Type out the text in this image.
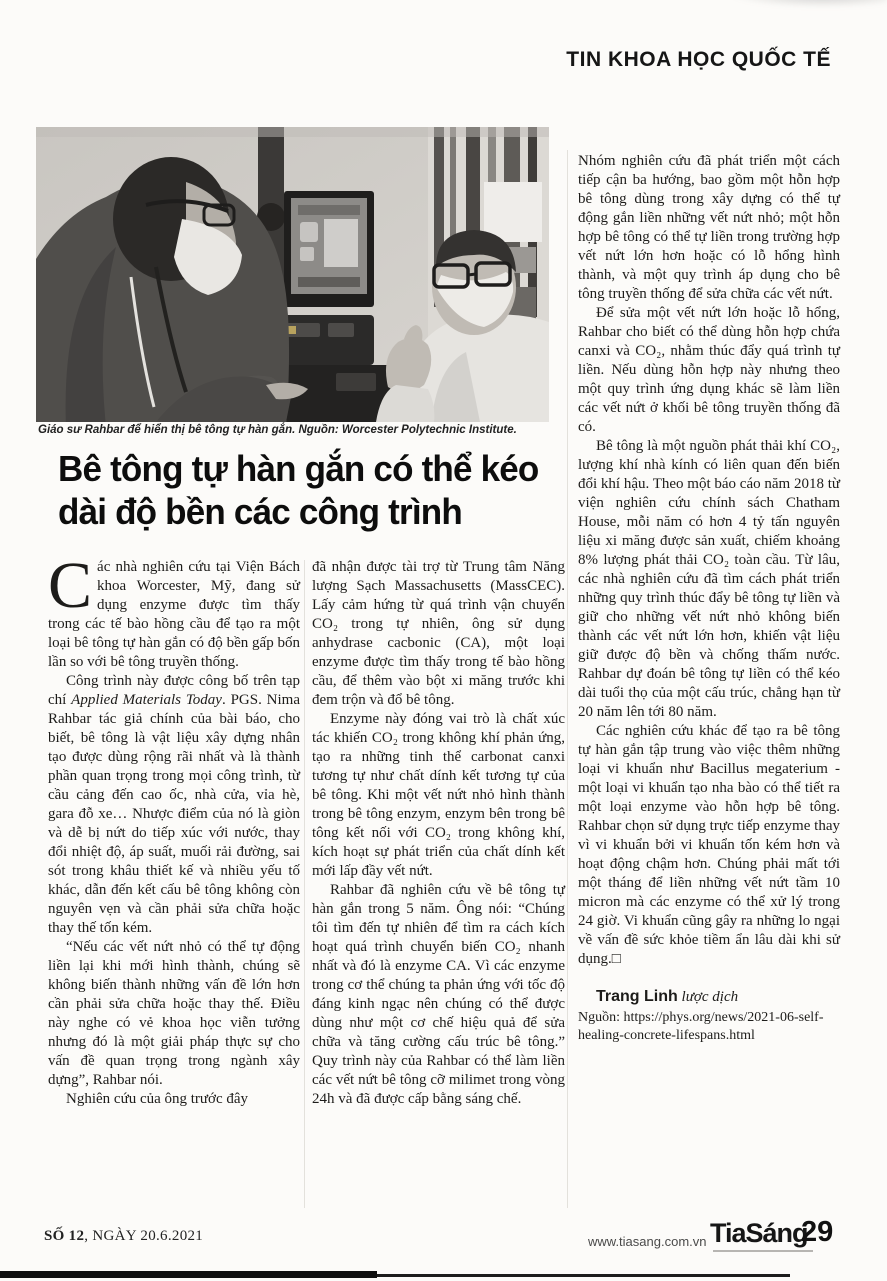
TIN KHOA HỌC QUỐC TẾ
Giáo sư Rahbar để hiển thị bê tông tự hàn gắn. Nguồn: Worcester Polytechnic Institute.
Bê tông tự hàn gắn có thể kéo dài độ bền các công trình

Các nhà nghiên cứu tại Viện Bách khoa Worcester, Mỹ, đang sử dụng enzyme được tìm thấy trong các tế bào hồng cầu để tạo ra một loại bê tông tự hàn gắn có độ bền gấp bốn lần so với bê tông truyền thống.

Công trình này được công bố trên tạp chí Applied Materials Today. PGS. Nima Rahbar tác giả chính của bài báo, cho biết, bê tông là vật liệu xây dựng nhân tạo được dùng rộng rãi nhất và là thành phần quan trọng trong mọi công trình, từ cầu cảng đến cao ốc, nhà cửa, vỉa hè, gara đỗ xe… Nhược điểm của nó là giòn và dễ bị nứt do tiếp xúc với nước, thay đổi nhiệt độ, áp suất, muối rải đường, sai sót trong khâu thiết kế và nhiều yếu tố khác, dẫn đến kết cấu bê tông không còn nguyên vẹn và cần phải sửa chữa hoặc thay thế tốn kém.

“Nếu các vết nứt nhỏ có thể tự động liền lại khi mới hình thành, chúng sẽ không biến thành những vấn đề lớn hơn cần phải sửa chữa hoặc thay thế. Điều này nghe có vẻ khoa học viễn tưởng nhưng đó là một giải pháp thực sự cho vấn đề quan trọng trong ngành xây dựng”, Rahbar nói.

Nghiên cứu của ông trước đây

đã nhận được tài trợ từ Trung tâm Năng lượng Sạch Massachusetts (MassCEC). Lấy cảm hứng từ quá trình vận chuyển CO₂ trong tự nhiên, ông sử dụng anhydrase cacbonic (CA), một loại enzyme được tìm thấy trong tế bào hồng cầu, để thêm vào bột xi măng trước khi đem trộn và đổ bê tông.

Enzyme này đóng vai trò là chất xúc tác khiến CO₂ trong không khí phản ứng, tạo ra những tinh thể carbonat canxi tương tự như chất dính kết tương tự của bê tông. Khi một vết nứt nhỏ hình thành trong bê tông enzym, enzym bên trong bê tông kết nối với CO₂ trong không khí, kích hoạt sự phát triển của chất dính kết mới lấp đầy vết nứt.

Rahbar đã nghiên cứu về bê tông tự hàn gắn trong 5 năm. Ông nói: “Chúng tôi tìm đến tự nhiên để tìm ra cách kích hoạt quá trình chuyển biến CO₂ nhanh nhất và đó là enzyme CA. Vì các enzyme trong cơ thể chúng ta phản ứng với tốc độ đáng kinh ngạc nên chúng có thể được dùng như một cơ chế hiệu quả để sửa chữa và tăng cường cấu trúc bê tông.” Quy trình này của Rahbar có thể làm liền các vết nứt bê tông cỡ milimet trong vòng 24h và đã được cấp bằng sáng chế.

Nhóm nghiên cứu đã phát triển một cách tiếp cận ba hướng, bao gồm một hỗn hợp bê tông dùng trong xây dựng có thể tự động gắn liền những vết nứt nhỏ; một hỗn hợp bê tông có thể tự liền trong trường hợp vết nứt lớn hơn hoặc có lỗ hổng hình thành, và một quy trình áp dụng cho bê tông truyền thống để sửa chữa các vết nứt.

Để sửa một vết nứt lớn hoặc lỗ hổng, Rahbar cho biết có thể dùng hỗn hợp chứa canxi và CO₂, nhằm thúc đẩy quá trình tự liền. Nếu dùng hỗn hợp này nhưng theo một quy trình ứng dụng khác sẽ làm liền các vết nứt ở khối bê tông truyền thống đã có.

Bê tông là một nguồn phát thải khí CO₂, lượng khí nhà kính có liên quan đến biến đổi khí hậu. Theo một báo cáo năm 2018 từ viện nghiên cứu chính sách Chatham House, mỗi năm có hơn 4 tỷ tấn nguyên liệu xi măng được sản xuất, chiếm khoảng 8% lượng phát thải CO₂ toàn cầu. Từ lâu, các nhà nghiên cứu đã tìm cách phát triển những quy trình thúc đẩy bê tông tự liền và giữ cho những vết nứt nhỏ không biến thành các vết nứt lớn hơn, khiến vật liệu giữ được độ bền và chống thấm nước. Rahbar dự đoán bê tông tự liền có thể kéo dài tuổi thọ của một cấu trúc, chẳng hạn từ 20 năm lên tới 80 năm.

Các nghiên cứu khác để tạo ra bê tông tự hàn gắn tập trung vào việc thêm những loại vi khuẩn như Bacillus megaterium - một loại vi khuẩn tạo nha bào có thể tiết ra một loại enzyme vào hỗn hợp bê tông. Rahbar chọn sử dụng trực tiếp enzyme thay vì vi khuẩn bởi vi khuẩn tốn kém hơn và hoạt động chậm hơn. Chúng phải mất tới một tháng để liền những vết nứt tầm 10 micron mà các enzyme có thể xử lý trong 24 giờ. Vi khuẩn cũng gây ra những lo ngại về vấn đề sức khỏe tiềm ẩn lâu dài khi sử dụng.□

Trang Linh lược dịch

Nguồn: https://phys.org/news/2021-06-self-healing-concrete-lifespans.html

SỐ 12, NGÀY 20.6.2021	www.tiasang.com.vn TiaSáng
29
